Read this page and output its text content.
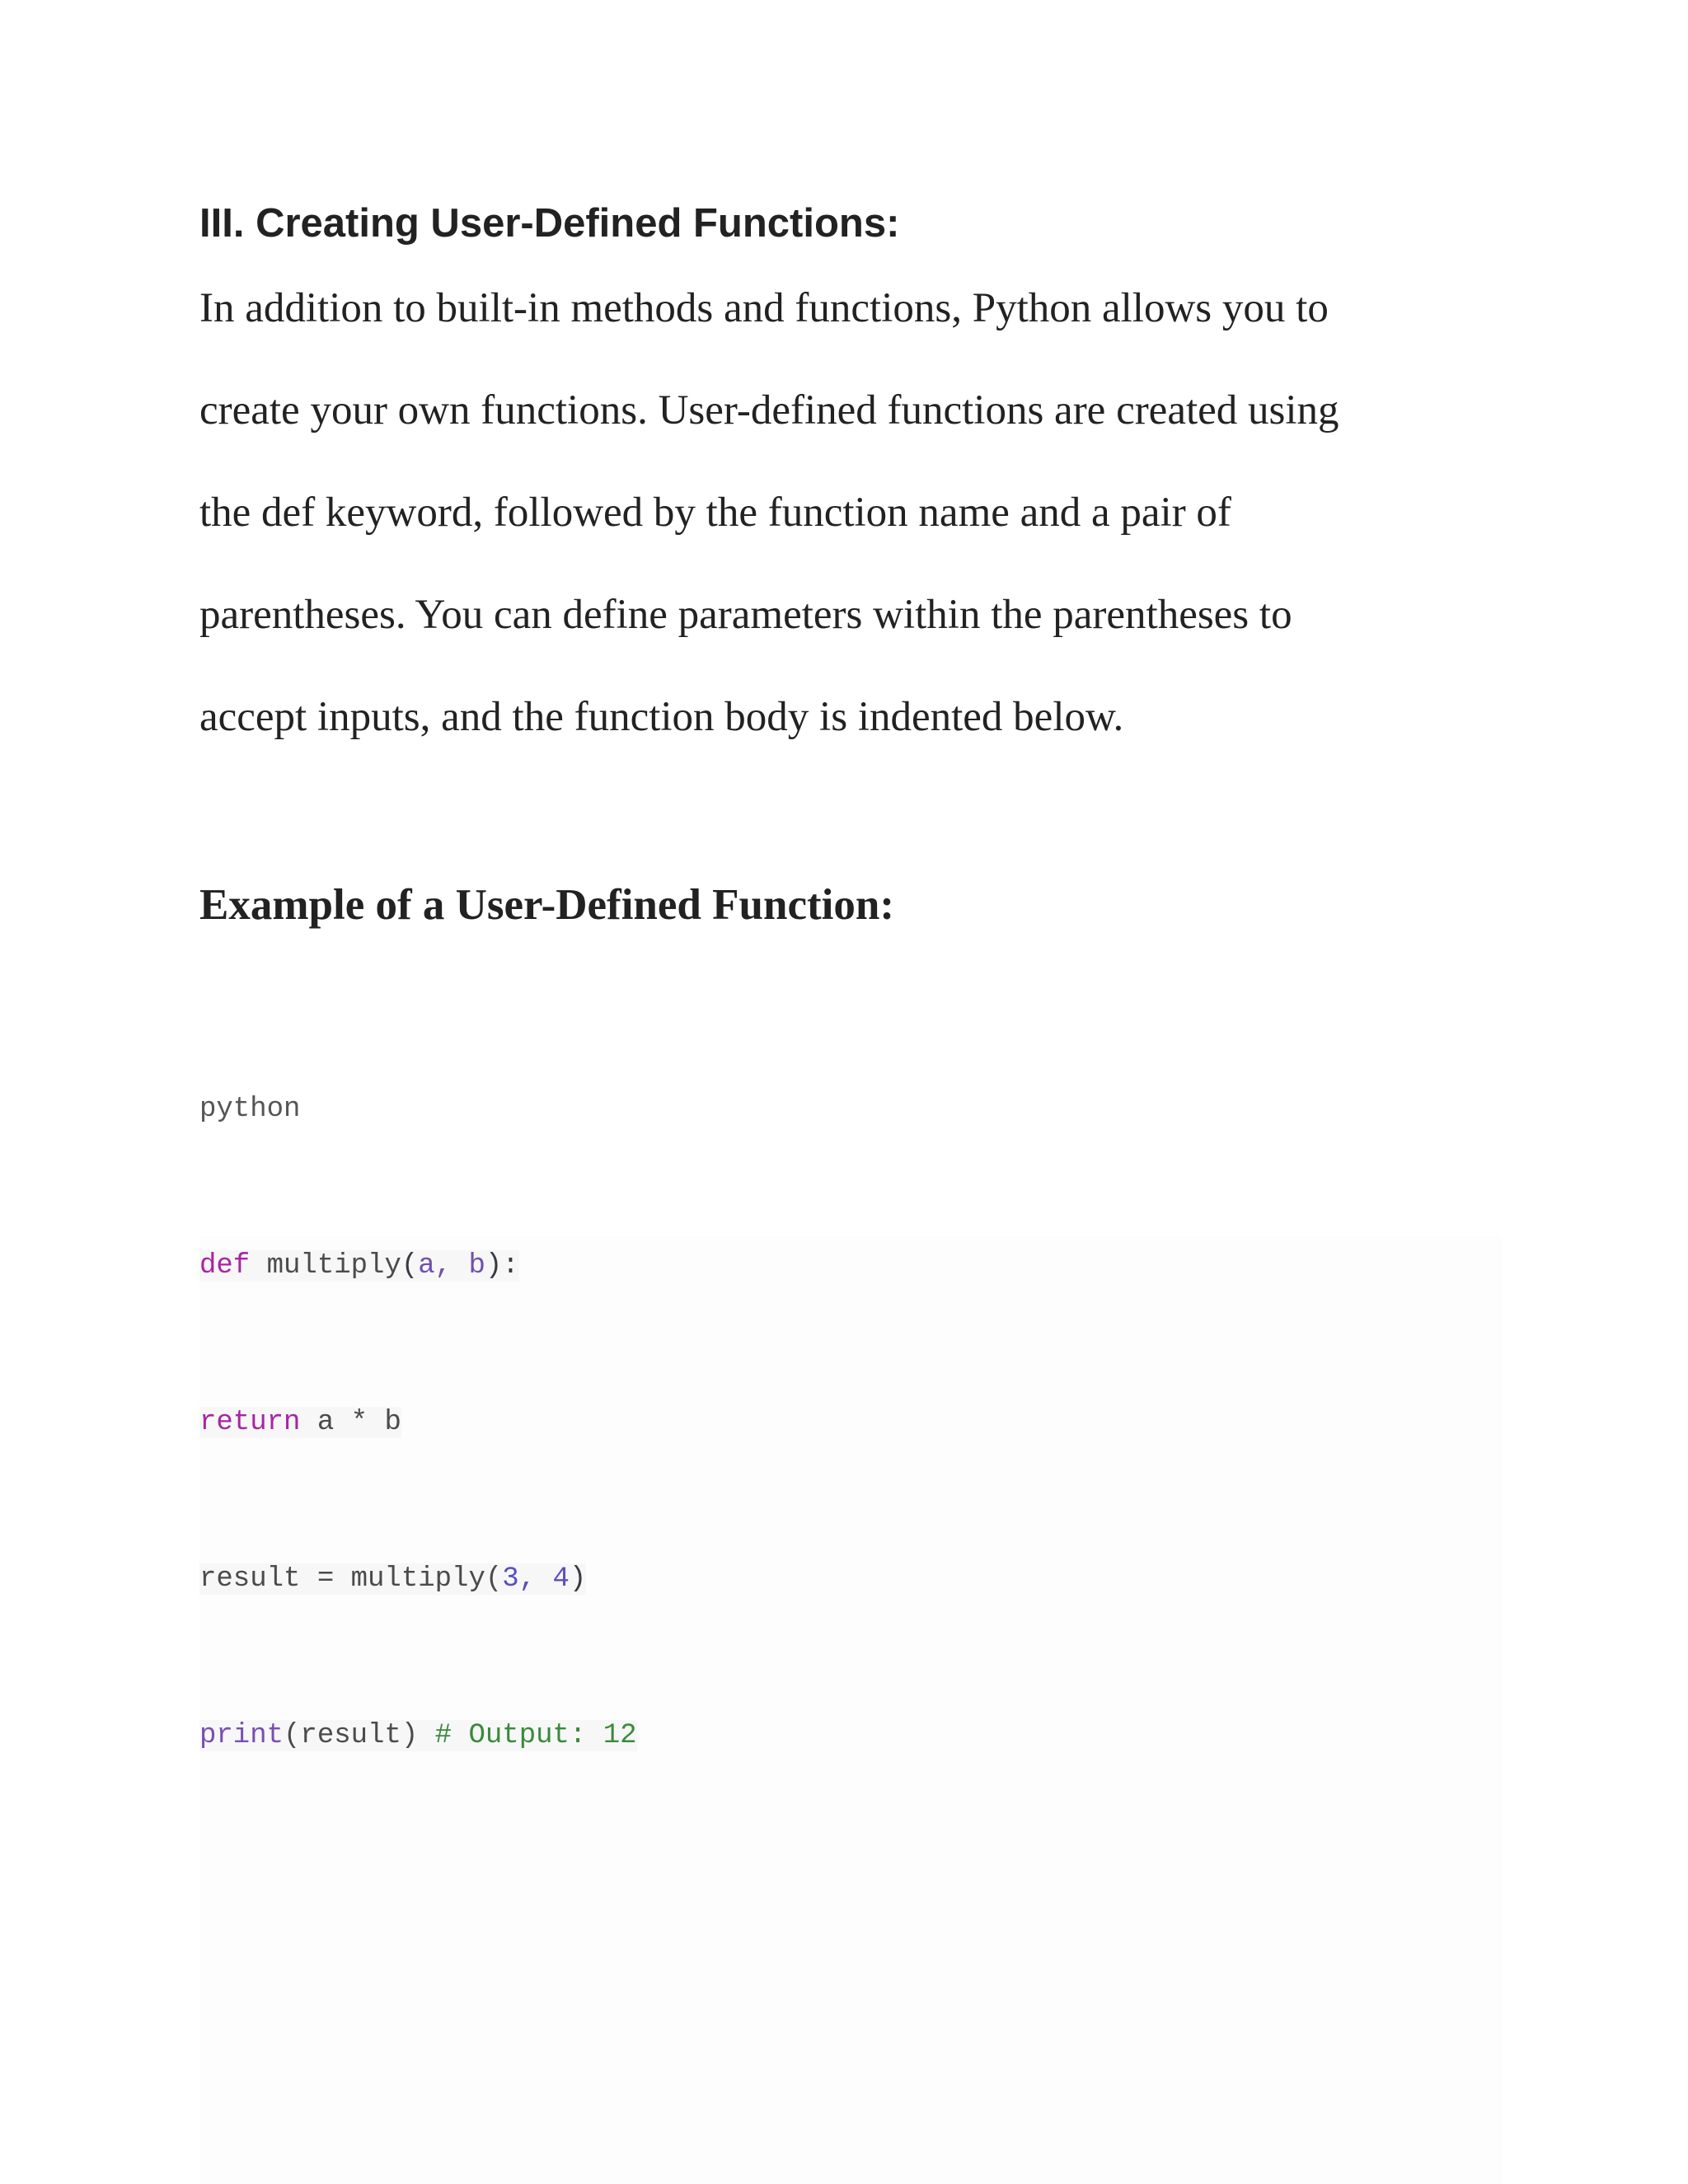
III. Creating User-Defined Functions:

In addition to built-in methods and functions, Python allows you to
create your own functions. User-defined functions are created using
the def keyword, followed by the function name and a pair of
parentheses. You can define parameters within the parentheses to
accept inputs, and the function body is indented below.

Example of a User-Defined Function:
python
def multiply(a, b):
return a * b
result = multiply(3, 4)
print(result) # Output: 12
